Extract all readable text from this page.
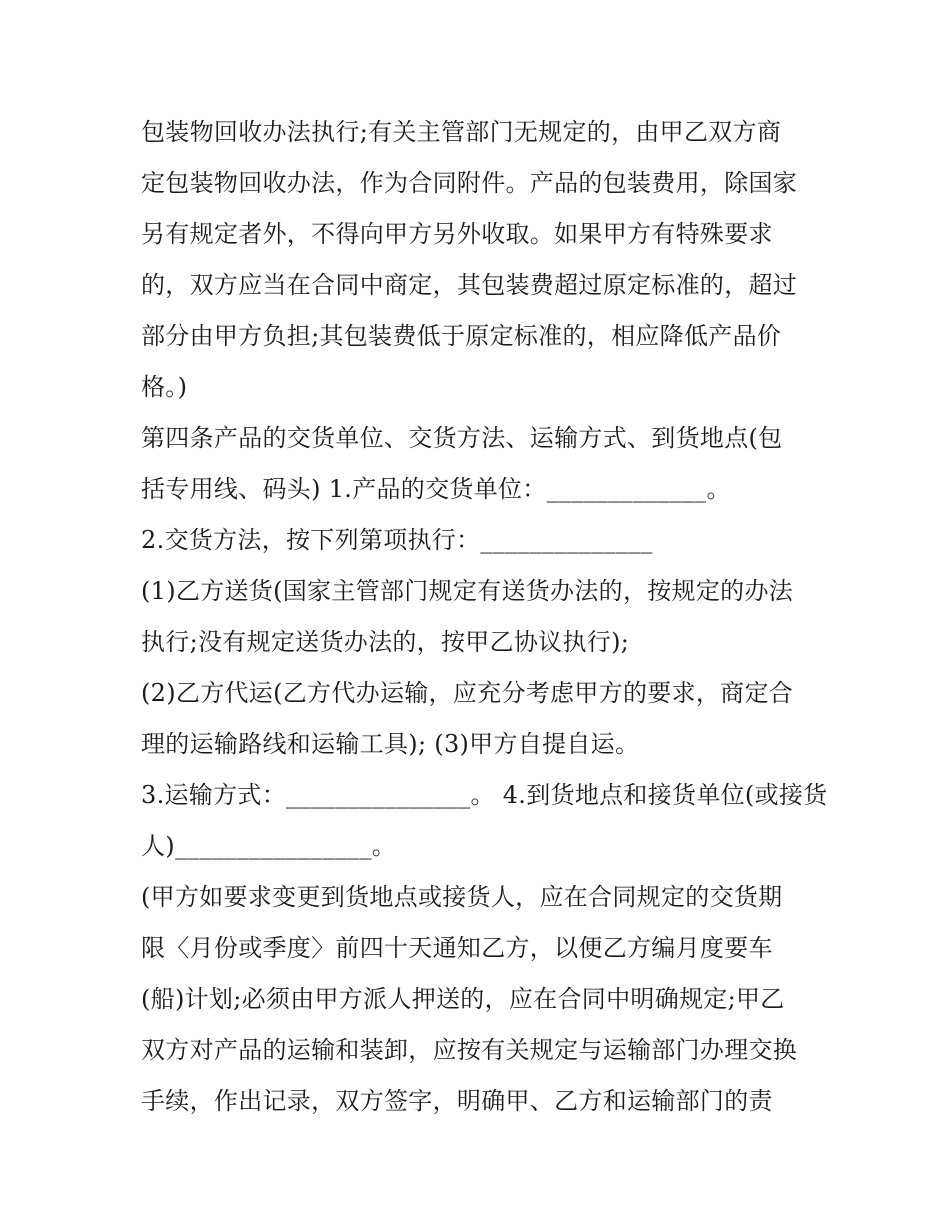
包装物回收办法执行;有关主管部门无规定的，由甲乙双方商
定包装物回收办法，作为合同附件。产品的包装费用，除国家
另有规定者外，不得向甲方另外收取。如果甲方有特殊要求
的，双方应当在合同中商定，其包装费超过原定标准的，超过
部分由甲方负担;其包装费低于原定标准的，相应降低产品价
格。)
第四条产品的交货单位、交货方法、运输方式、到货地点(包
括专用线、码头) 1.产品的交货单位：_____________。
2.交货方法，按下列第项执行：______________
(1)乙方送货(国家主管部门规定有送货办法的，按规定的办法
执行;没有规定送货办法的，按甲乙协议执行);
(2)乙方代运(乙方代办运输，应充分考虑甲方的要求，商定合
理的运输路线和运输工具); (3)甲方自提自运。
3.运输方式：_______________。 4.到货地点和接货单位(或接货
人)________________。
(甲方如要求变更到货地点或接货人，应在合同规定的交货期
限〈月份或季度〉前四十天通知乙方，以便乙方编月度要车
(船)计划;必须由甲方派人押送的，应在合同中明确规定;甲乙
双方对产品的运输和装卸，应按有关规定与运输部门办理交换
手续，作出记录，双方签字，明确甲、乙方和运输部门的责
